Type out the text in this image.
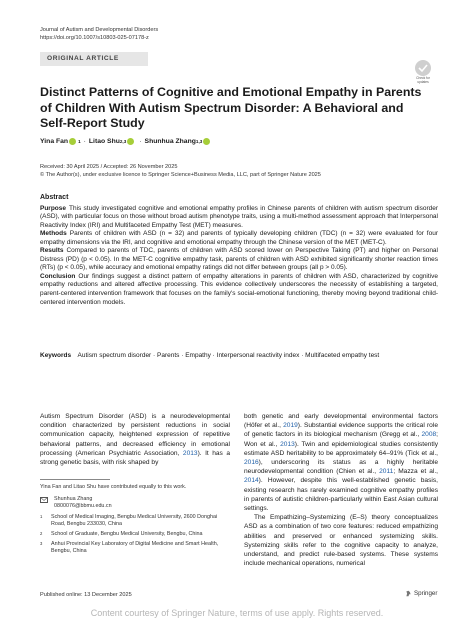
Journal of Autism and Developmental Disorders
https://doi.org/10.1007/s10803-025-07178-z
ORIGINAL ARTICLE
Check for updates
Distinct Patterns of Cognitive and Emotional Empathy in Parents of Children With Autism Spectrum Disorder: A Behavioral and Self-Report Study
Yina Fan 1 · Litao Shu 2,3 · Shunhua Zhang 1,3
Received: 30 April 2025 / Accepted: 26 November 2025
© The Author(s), under exclusive licence to Springer Science+Business Media, LLC, part of Springer Nature 2025
Abstract
Purpose This study investigated cognitive and emotional empathy profiles in Chinese parents of children with autism spectrum disorder (ASD), with particular focus on those without broad autism phenotype traits, using a multi-method assessment approach that Interpersonal Reactivity Index (IRI) and Multifaceted Empathy Test (MET) measures.
Methods Parents of children with ASD (n = 32) and parents of typically developing children (TDC) (n = 32) were evaluated for four empathy dimensions via the IRI, and cognitive and emotional empathy through the Chinese version of the MET (MET-C).
Results Compared to parents of TDC, parents of children with ASD scored lower on Perspective Taking (PT) and higher on Personal Distress (PD) (p < 0.05). In the MET-C cognitive empathy task, parents of children with ASD exhibited significantly shorter reaction times (RTs) (p < 0.05), while accuracy and emotional empathy ratings did not differ between groups (all p > 0.05).
Conclusion Our findings suggest a distinct pattern of empathy alterations in parents of children with ASD, characterized by cognitive empathy reductions and altered affective processing. This evidence collectively underscores the necessity of establishing a targeted, parent-centered intervention framework that focuses on the family's social-emotional functioning, thereby moving beyond traditional child-centered intervention models.
Keywords Autism spectrum disorder · Parents · Empathy · Interpersonal reactivity index · Multifaceted empathy test
Autism Spectrum Disorder (ASD) is a neurodevelopmental condition characterized by persistent reductions in social communication capacity, heightened expression of repetitive behavioral patterns, and decreased efficiency in emotional processing (American Psychiatric Association, 2013). It has a strong genetic basis, with risk shaped by
Yina Fan and Litao Shu have contributed equally to this work.
Shunhua Zhang
0800076@bbmu.edu.cn
1 School of Medical Imaging, Bengbu Medical University, 2600 Donghai Road, Bengbu 233030, China
2 School of Graduate, Bengbu Medical University, Bengbu, China
3 Anhui Provincial Key Laboratory of Digital Medicine and Smart Health, Bengbu, China

both genetic and early developmental environmental factors (Höfer et al., 2019). Substantial evidence supports the critical role of genetic factors in its biological mechanism (Gregg et al., 2008; Won et al., 2013). Twin and epidemiological studies consistently estimate ASD heritability to be approximately 64–91% (Tick et al., 2016), underscoring its status as a highly heritable neurodevelopmental condition (Chien et al., 2011; Mazza et al., 2014). However, despite this well-established genetic basis, existing research has rarely examined cognitive empathy profiles in parents of autistic children-particularly within East Asian cultural settings.

The Empathizing–Systemizing (E–S) theory conceptualizes ASD as a combination of two core features: reduced empathizing abilities and preserved or enhanced systemizing skills. Systemizing skills refer to the cognitive capacity to analyze, understand, and predict rule-based systems. These systems include mechanical operations, numerical

Published online: 13 December 2025	Springer
Content courtesy of Springer Nature, terms of use apply. Rights reserved.
